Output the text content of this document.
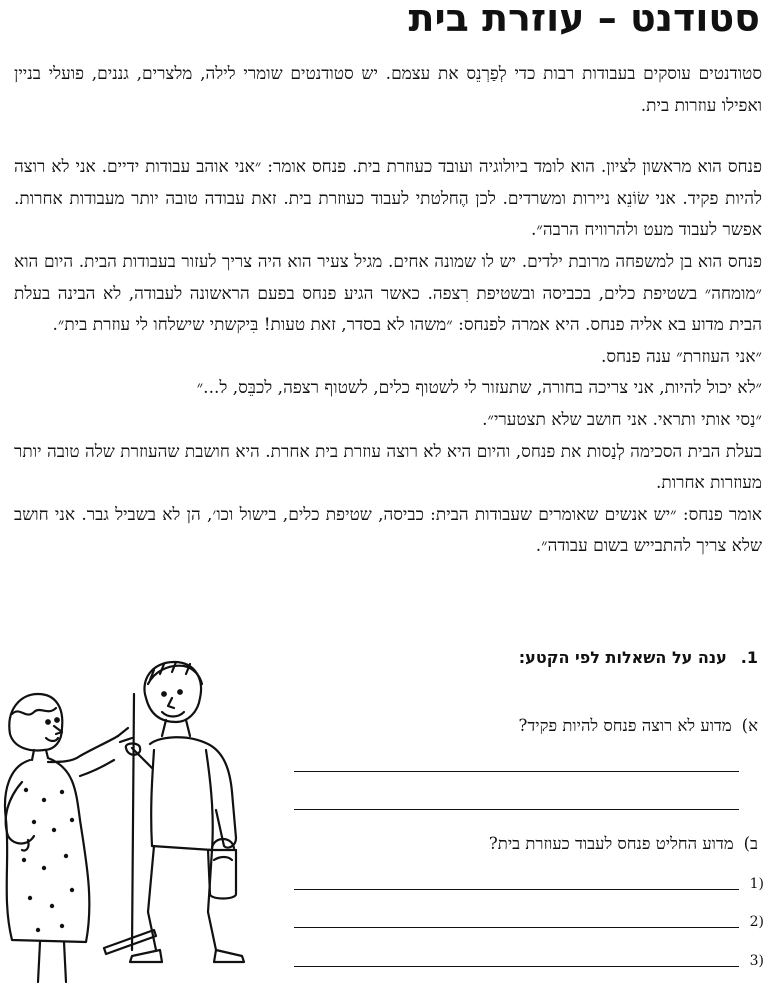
סטודנט – עוזרת בית

סטודנטים עוסקים בעבודות רבות כדי לְפַרְנֵס את עצמם. יש סטודנטים שומרי לילה, מלצרים, גננים, פועלי בניין ואפילו עוזרות בית.

פנחס הוא מראשון לציון. הוא לומד ביולוגיה ועובד כעוזרת בית. פנחס אומר: ״אני אוהב עבודות ידיים. אני לא רוצה להיות פקיד. אני שׂוֹנֵא ניירות ומשרדים. לכן הֶחלטתי לעבוד כעוזרת בית. זאת עבודה טובה יותר מעבודות אחרות. אפשר לעבוד מעט ולהרוויח הרבה״.

פנחס הוא בן למשפחה מרובת ילדים. יש לו שמונה אחים. מגיל צעיר הוא היה צריך לעזור בעבודות הבית. היום הוא ״מומחה״ בשטיפת כלים, בכביסה ובשטיפת רִצפה. כאשר הגיע פנחס בפעם הראשונה לעבודה, לא הבינה בעלת הבית מדוע בא אליה פנחס. היא אמרה לפנחס: ״משהו לא בסדר, זאת טעות! בִּיקשתי שישלחו לי עוזרת בית״.

״אני העוזרת״ ענה פנחס.

״לא יכול להיות, אני צריכה בחורה, שתעזור לי לשטוף כלים, לשטוף רצפה, לכבֵּס, ל...״

״נַסי אותי ותראי. אני חושב שלא תצטערי״.

בעלת הבית הסכימה לְנַסות את פנחס, והיום היא לא רוצה עוזרת בית אחרת. היא חושבת שהעוזרת שלה טובה יותר מעוזרות אחרות.

אומר פנחס: ״יש אנשים שאומרים שעבודות הבית: כביסה, שטיפת כלים, בישול וכו׳, הן לא בשביל גבר. אני חושב שלא צריך להתבייש בשום עבודה״.

1.ענה על השאלות לפי הקטע:
א)מדוע לא רוצה פנחס להיות פקיד?
ב)מדוע החליט פנחס לעבוד כעוזרת בית?
(1
(2
(3
